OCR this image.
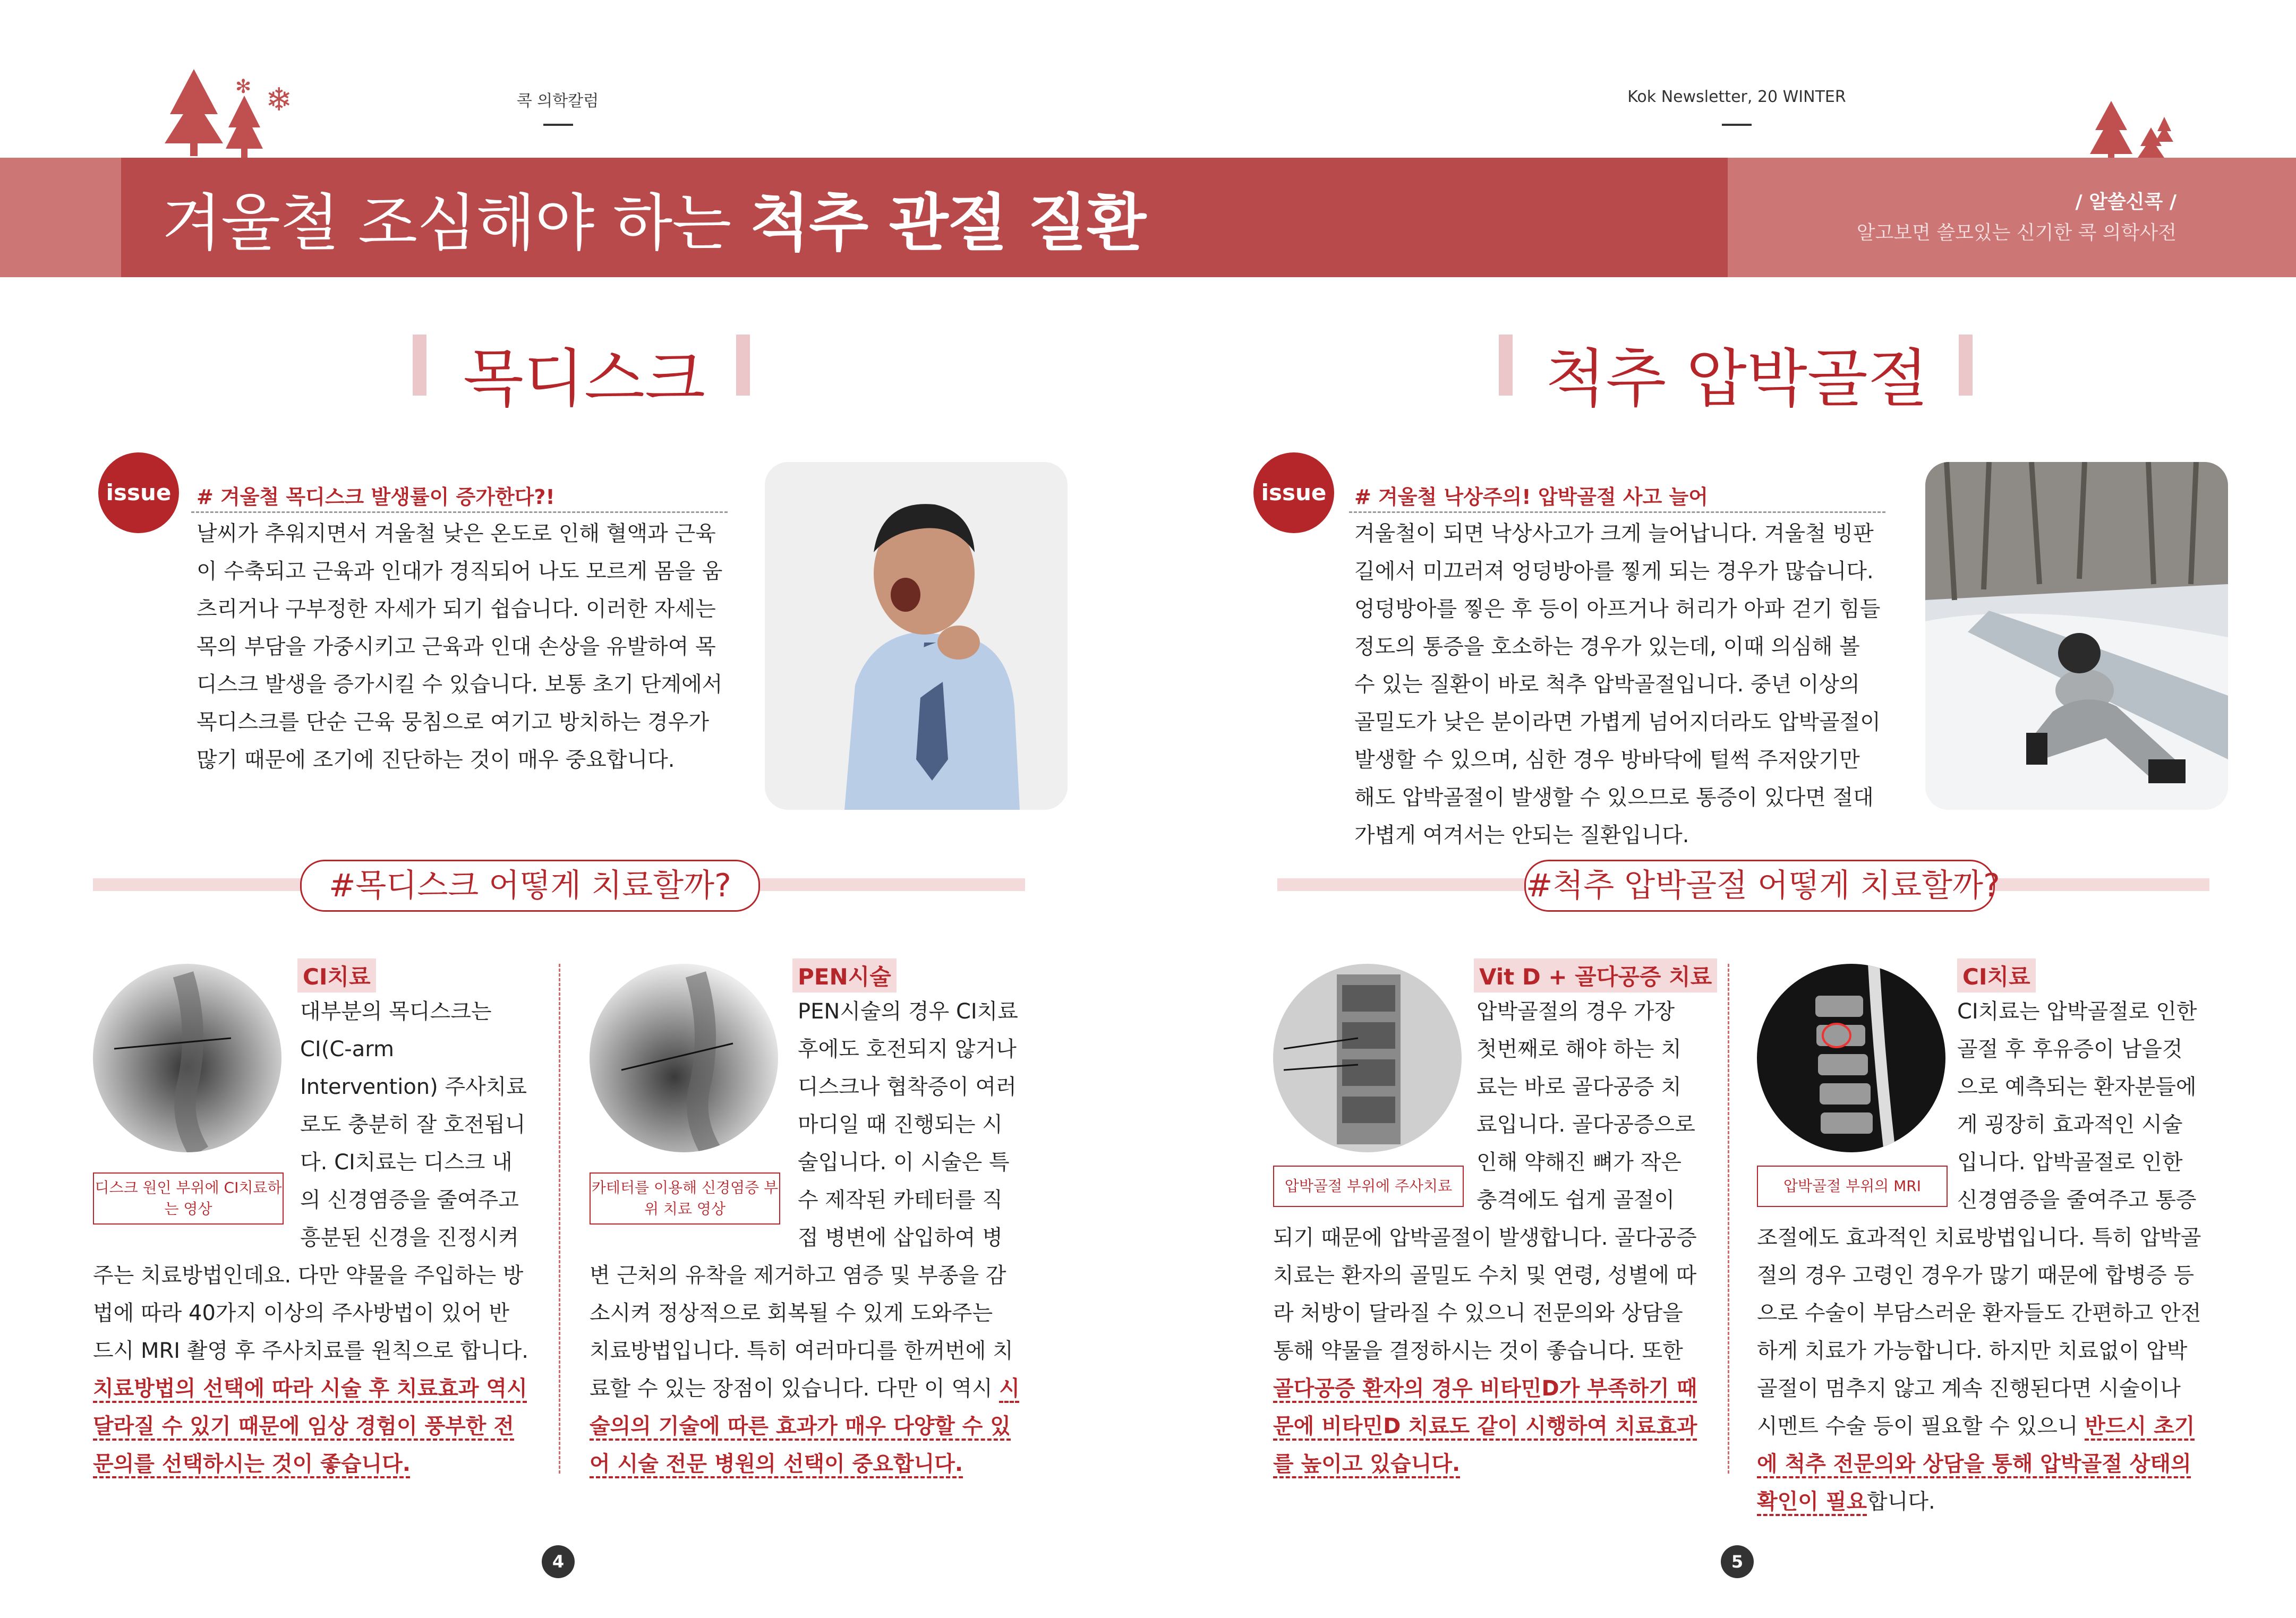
✻ ❄	콕 의학칼럼	Kok Newsletter, 20 WINTER
겨울철 조심해야 하는 척추 관절 질환	/ 알쓸신콕 /
알고보면 쓸모있는 신기한 콕 의학사전
목디스크	척추 압박골절
issue	# 겨울철 목디스크 발생률이 증가한다?!
날씨가 추워지면서 겨울철 낮은 온도로 인해 혈액과 근육이 수축되고 근육과 인대가 경직되어 나도 모르게 몸을 움츠리거나 구부정한 자세가 되기 쉽습니다. 이러한 자세는 목의 부담을 가중시키고 근육과 인대 손상을 유발하여 목디스크 발생을 증가시킬 수 있습니다. 보통 초기 단계에서 목디스크를 단순 근육 뭉침으로 여기고 방치하는 경우가 많기 때문에 조기에 진단하는 것이 매우 중요합니다.
issue	# 겨울철 낙상주의! 압박골절 사고 늘어
겨울철이 되면 낙상사고가 크게 늘어납니다. 겨울철 빙판길에서 미끄러져 엉덩방아를 찧게 되는 경우가 많습니다. 엉덩방아를 찧은 후 등이 아프거나 허리가 아파 걷기 힘들 정도의 통증을 호소하는 경우가 있는데, 이때 의심해 볼 수 있는 질환이 바로 척추 압박골절입니다. 중년 이상의 골밀도가 낮은 분이라면 가볍게 넘어지더라도 압박골절이 발생할 수 있으며, 심한 경우 방바닥에 털썩 주저앉기만 해도 압박골절이 발생할 수 있으므로 통증이 있다면 절대 가볍게 여겨서는 안되는 질환입니다.
#목디스크 어떻게 치료할까?	#척추 압박골절 어떻게 치료할까?
디스크 원인 부위에 CI치료하는 영상
CI치료
대부분의 목디스크는 CI(C-arm Intervention) 주사치료로도 충분히 잘 호전됩니다. CI치료는 디스크 내의 신경염증을 줄여주고 흥분된 신경을 진정시켜주는 치료방법인데요. 다만 약물을 주입하는 방법에 따라 40가지 이상의 주사방법이 있어 반드시 MRI 촬영 후 주사치료를 원칙으로 합니다. 치료방법의 선택에 따라 시술 후 치료효과 역시 달라질 수 있기 때문에 임상 경험이 풍부한 전문의를 선택하시는 것이 좋습니다.
카테터를 이용해 신경염증 부위 치료 영상
PEN시술
PEN시술의 경우 CI치료 후에도 호전되지 않거나 디스크나 협착증이 여러 마디일 때 진행되는 시술입니다. 이 시술은 특수 제작된 카테터를 직접 병변에 삽입하여 병변 근처의 유착을 제거하고 염증 및 부종을 감소시켜 정상적으로 회복될 수 있게 도와주는 치료방법입니다. 특히 여러마디를 한꺼번에 치료할 수 있는 장점이 있습니다. 다만 이 역시 시술의의 기술에 따른 효과가 매우 다양할 수 있어 시술 전문 병원의 선택이 중요합니다.
압박골절 부위에 주사치료
Vit D + 골다공증 치료
압박골절의 경우 가장 첫번째로 해야 하는 치료는 바로 골다공증 치료입니다. 골다공증으로 인해 약해진 뼈가 작은 충격에도 쉽게 골절이 되기 때문에 압박골절이 발생합니다. 골다공증 치료는 환자의 골밀도 수치 및 연령, 성별에 따라 처방이 달라질 수 있으니 전문의와 상담을 통해 약물을 결정하시는 것이 좋습니다. 또한 골다공증 환자의 경우 비타민D가 부족하기 때문에 비타민D 치료도 같이 시행하여 치료효과를 높이고 있습니다.
압박골절 부위의 MRI
CI치료
CI치료는 압박골절로 인한 골절 후 후유증이 남을것으로 예측되는 환자분들에게 굉장히 효과적인 시술입니다. 압박골절로 인한 신경염증을 줄여주고 통증 조절에도 효과적인 치료방법입니다. 특히 압박골절의 경우 고령인 경우가 많기 때문에 합병증 등으로 수술이 부담스러운 환자들도 간편하고 안전하게 치료가 가능합니다. 하지만 치료없이 압박골절이 멈추지 않고 계속 진행된다면 시술이나 시멘트 수술 등이 필요할 수 있으니 반드시 초기에 척추 전문의와 상담을 통해 압박골절 상태의 확인이 필요합니다.
4	5
